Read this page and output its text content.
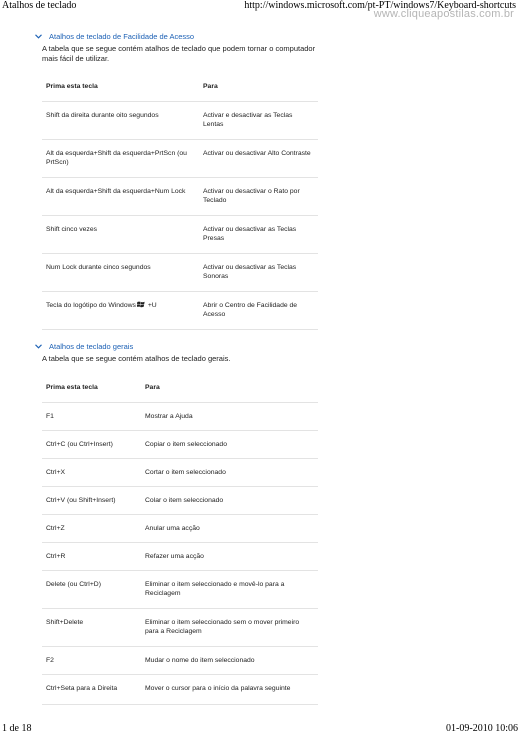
Atalhos de teclado	http://windows.microsoft.com/pt-PT/windows7/Keyboard-shortcuts
www.cliqueapostilas.com.br
Atalhos de teclado de Facilidade de Acesso
A tabela que se segue contém atalhos de teclado que podem tornar o computador mais fácil de utilizar.
Prima esta tecla	Para
Shift da direita durante oito segundos	Activar e desactivar as Teclas Lentas
Alt da esquerda+Shift da esquerda+PrtScn (ou PrtScn)	Activar ou desactivar Alto Contraste
Alt da esquerda+Shift da esquerda+Num Lock	Activar ou desactivar o Rato por Teclado
Shift cinco vezes	Activar ou desactivar as Teclas Presas
Num Lock durante cinco segundos	Activar ou desactivar as Teclas Sonoras
Tecla do logótipo do Windows +U	Abrir o Centro de Facilidade de Acesso
Atalhos de teclado gerais
A tabela que se segue contém atalhos de teclado gerais.
Prima esta tecla	Para
F1	Mostrar a Ajuda
Ctrl+C (ou Ctrl+Insert)	Copiar o item seleccionado
Ctrl+X	Cortar o item seleccionado
Ctrl+V (ou Shift+Insert)	Colar o item seleccionado
Ctrl+Z	Anular uma acção
Ctrl+R	Refazer uma acção
Delete (ou Ctrl+D)	Eliminar o item seleccionado e movê-lo para a Reciclagem
Shift+Delete	Eliminar o item seleccionado sem o mover primeiro para a Reciclagem
F2	Mudar o nome do item seleccionado
Ctrl+Seta para a Direita	Mover o cursor para o início da palavra seguinte
1 de 18	01-09-2010 10:06
